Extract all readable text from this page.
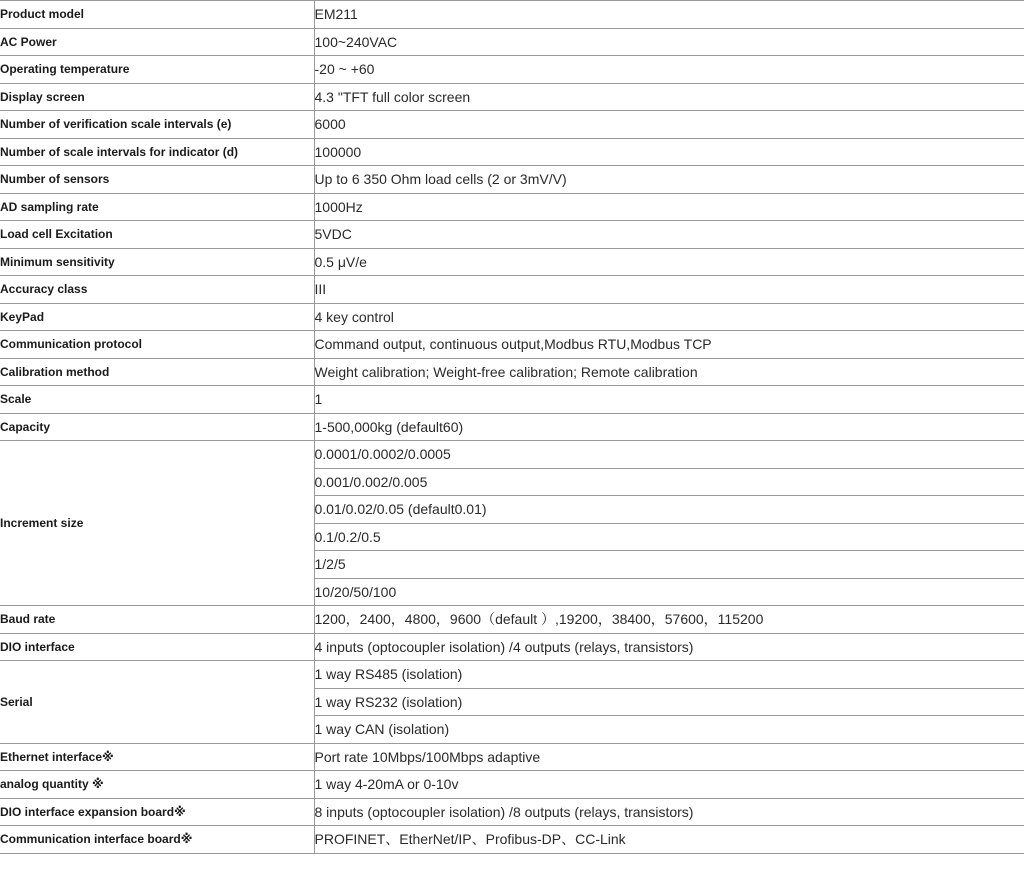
Product model	EM211
AC Power	100~240VAC
Operating temperature	-20 ~ +60
Display screen	4.3 "TFT full color screen
Number of verification scale intervals (e)	6000
Number of scale intervals for indicator (d)	100000
Number of sensors	Up to 6 350 Ohm load cells (2 or 3mV/V)
AD sampling rate	1000Hz
Load cell Excitation	5VDC
Minimum sensitivity	0.5 μV/e
Accuracy class	III
KeyPad	4 key control
Communication protocol	Command output, continuous output,Modbus RTU,Modbus TCP
Calibration method	Weight calibration; Weight-free calibration; Remote calibration
Scale	1
Capacity	1-500,000kg (default60)
Increment size	0.0001/0.0002/0.0005
	0.001/0.002/0.005
	0.01/0.02/0.05 (default0.01)
	0.1/0.2/0.5
	1/2/5
	10/20/50/100
Baud rate	1200，2400，4800，9600（default ）,19200，38400，57600，115200
DIO interface	4 inputs (optocoupler isolation) /4 outputs (relays, transistors)
Serial	1 way RS485 (isolation)
	1 way RS232 (isolation)
	1 way CAN (isolation)
Ethernet interface※	Port rate 10Mbps/100Mbps adaptive
analog quantity ※	1 way 4-20mA or 0-10v
DIO interface expansion board※	8 inputs (optocoupler isolation) /8 outputs (relays, transistors)
Communication interface board※	PROFINET、EtherNet/IP、Profibus-DP、CC-Link
